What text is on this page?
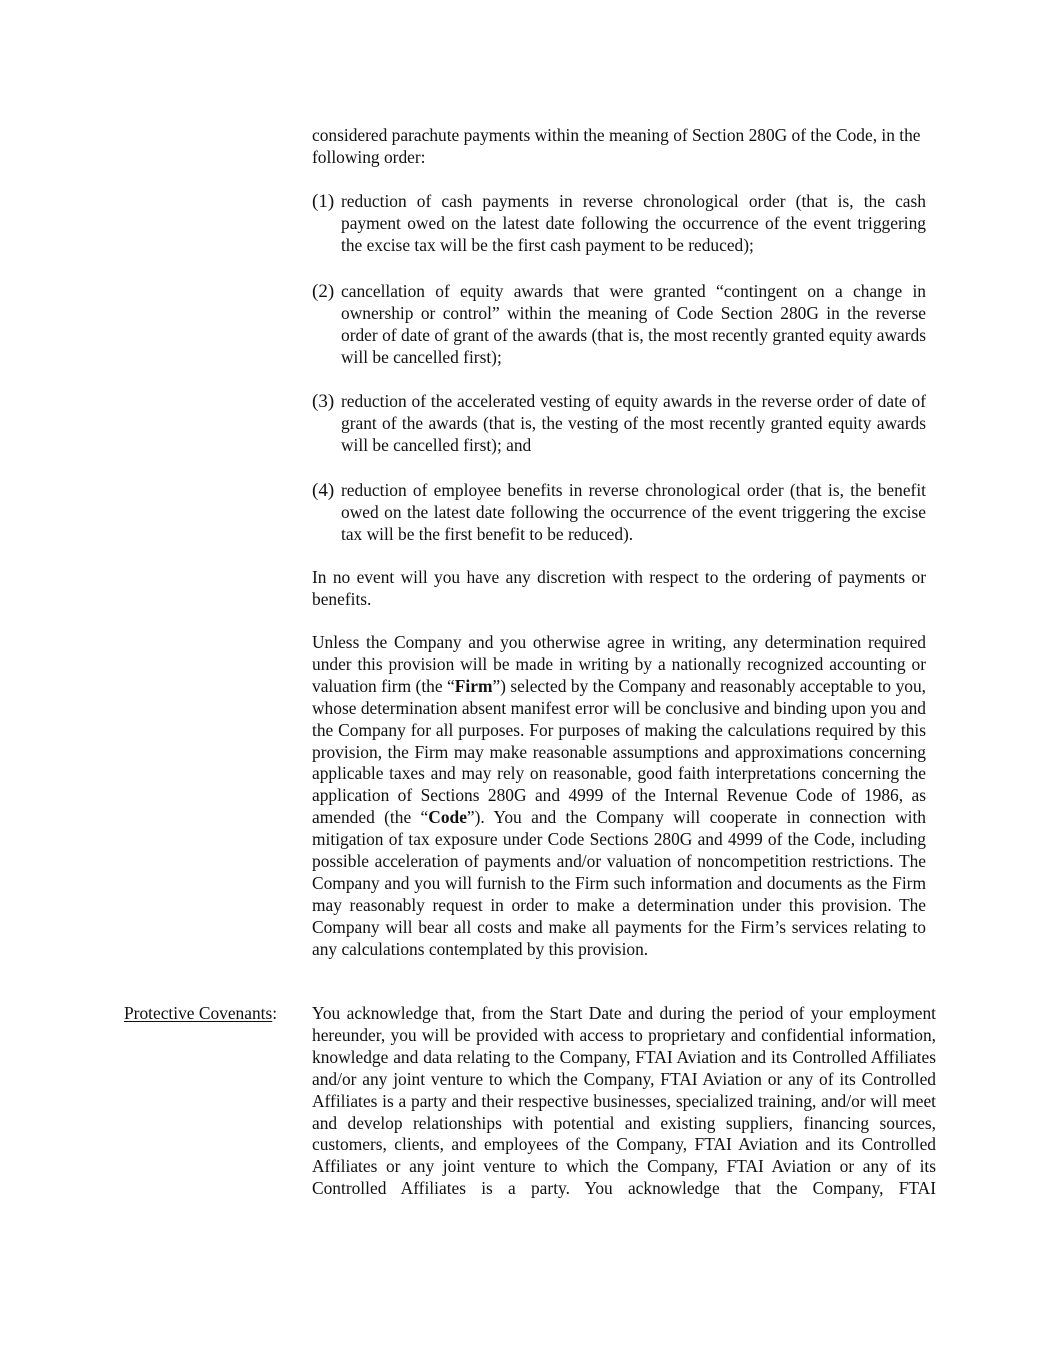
considered parachute payments within the meaning of Section 280G of the Code, in the following order:
(1) reduction of cash payments in reverse chronological order (that is, the cash payment owed on the latest date following the occurrence of the event triggering the excise tax will be the first cash payment to be reduced);
(2) cancellation of equity awards that were granted “contingent on a change in ownership or control” within the meaning of Code Section 280G in the reverse order of date of grant of the awards (that is, the most recently granted equity awards will be cancelled first);
(3) reduction of the accelerated vesting of equity awards in the reverse order of date of grant of the awards (that is, the vesting of the most recently granted equity awards will be cancelled first); and
(4) reduction of employee benefits in reverse chronological order (that is, the benefit owed on the latest date following the occurrence of the event triggering the excise tax will be the first benefit to be reduced).
In no event will you have any discretion with respect to the ordering of payments or benefits.
Unless the Company and you otherwise agree in writing, any determination required under this provision will be made in writing by a nationally recognized accounting or valuation firm (the “Firm”) selected by the Company and reasonably acceptable to you, whose determination absent manifest error will be conclusive and binding upon you and the Company for all purposes. For purposes of making the calculations required by this provision, the Firm may make reasonable assumptions and approximations concerning applicable taxes and may rely on reasonable, good faith interpretations concerning the application of Sections 280G and 4999 of the Internal Revenue Code of 1986, as amended (the “Code”). You and the Company will cooperate in connection with mitigation of tax exposure under Code Sections 280G and 4999 of the Code, including possible acceleration of payments and/or valuation of noncompetition restrictions. The Company and you will furnish to the Firm such information and documents as the Firm may reasonably request in order to make a determination under this provision. The Company will bear all costs and make all payments for the Firm’s services relating to any calculations contemplated by this provision.
Protective Covenants: You acknowledge that, from the Start Date and during the period of your employment hereunder, you will be provided with access to proprietary and confidential information, knowledge and data relating to the Company, FTAI Aviation and its Controlled Affiliates and/or any joint venture to which the Company, FTAI Aviation or any of its Controlled Affiliates is a party and their respective businesses, specialized training, and/or will meet and develop relationships with potential and existing suppliers, financing sources, customers, clients, and employees of the Company, FTAI Aviation and its Controlled Affiliates or any joint venture to which the Company, FTAI Aviation or any of its Controlled Affiliates is a party. You acknowledge that the Company, FTAI
